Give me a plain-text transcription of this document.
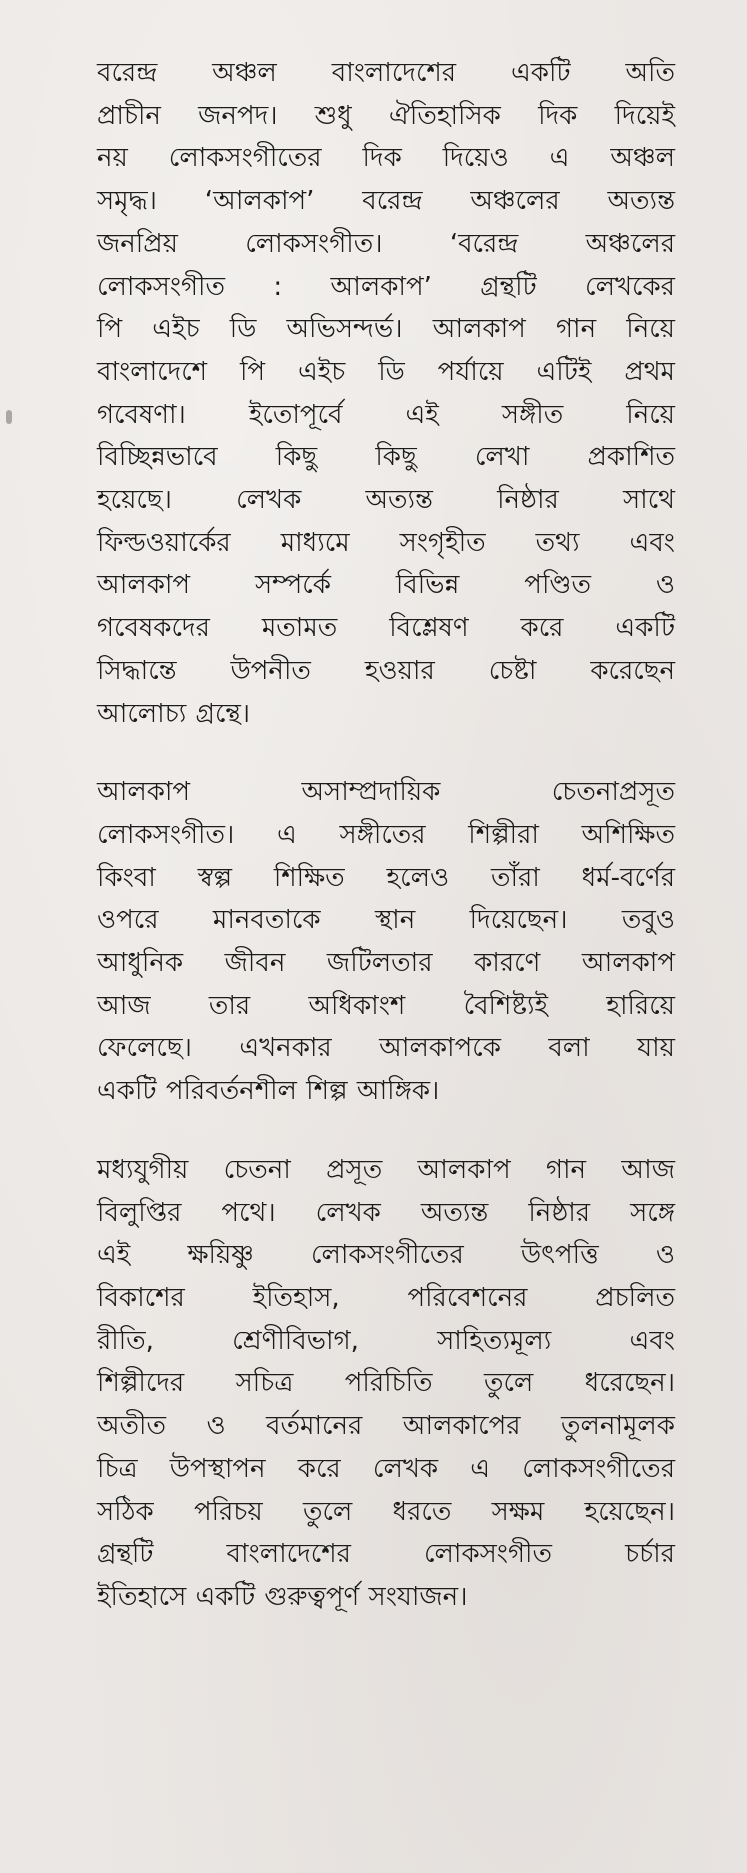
বরেন্দ্র অঞ্চল বাংলাদেশের একটি অতি
প্রাচীন জনপদ। শুধু ঐতিহাসিক দিক দিয়েই
নয় লোকসংগীতের দিক দিয়েও এ অঞ্চল
সমৃদ্ধ। ‘আলকাপ’ বরেন্দ্র অঞ্চলের অত্যন্ত
জনপ্রিয় লোকসংগীত। ‘বরেন্দ্র অঞ্চলের
লোকসংগীত : আলকাপ’ গ্রন্থটি লেখকের
পি এইচ ডি অভিসন্দর্ভ। আলকাপ গান নিয়ে
বাংলাদেশে পি এইচ ডি পর্যায়ে এটিই প্রথম
গবেষণা। ইতোপূর্বে এই সঙ্গীত নিয়ে
বিচ্ছিন্নভাবে কিছু কিছু লেখা প্রকাশিত
হয়েছে। লেখক অত্যন্ত নিষ্ঠার সাথে
ফিল্ডওয়ার্কের মাধ্যমে সংগৃহীত তথ্য এবং
আলকাপ সম্পর্কে বিভিন্ন পণ্ডিত ও
গবেষকদের মতামত বিশ্লেষণ করে একটি
সিদ্ধান্তে উপনীত হওয়ার চেষ্টা করেছেন
আলোচ্য গ্রন্থে।

আলকাপ অসাম্প্রদায়িক চেতনাপ্রসূত
লোকসংগীত। এ সঙ্গীতের শিল্পীরা অশিক্ষিত
কিংবা স্বল্প শিক্ষিত হলেও তাঁরা ধর্ম-বর্ণের
ওপরে মানবতাকে স্থান দিয়েছেন। তবুও
আধুনিক জীবন জটিলতার কারণে আলকাপ
আজ তার অধিকাংশ বৈশিষ্ট্যই হারিয়ে
ফেলেছে। এখনকার আলকাপকে বলা যায়
একটি পরিবর্তনশীল শিল্প আঙ্গিক।

মধ্যযুগীয় চেতনা প্রসূত আলকাপ গান আজ
বিলুপ্তির পথে। লেখক অত্যন্ত নিষ্ঠার সঙ্গে
এই ক্ষয়িষ্ণু লোকসংগীতের উৎপত্তি ও
বিকাশের ইতিহাস, পরিবেশনের প্রচলিত
রীতি, শ্রেণীবিভাগ, সাহিত্যমূল্য এবং
শিল্পীদের সচিত্র পরিচিতি তুলে ধরেছেন।
অতীত ও বর্তমানের আলকাপের তুলনামূলক
চিত্র উপস্থাপন করে লেখক এ লোকসংগীতের
সঠিক পরিচয় তুলে ধরতে সক্ষম হয়েছেন।
গ্রন্থটি বাংলাদেশের লোকসংগীত চর্চার
ইতিহাসে একটি গুরুত্বপূর্ণ সংযাজন।
